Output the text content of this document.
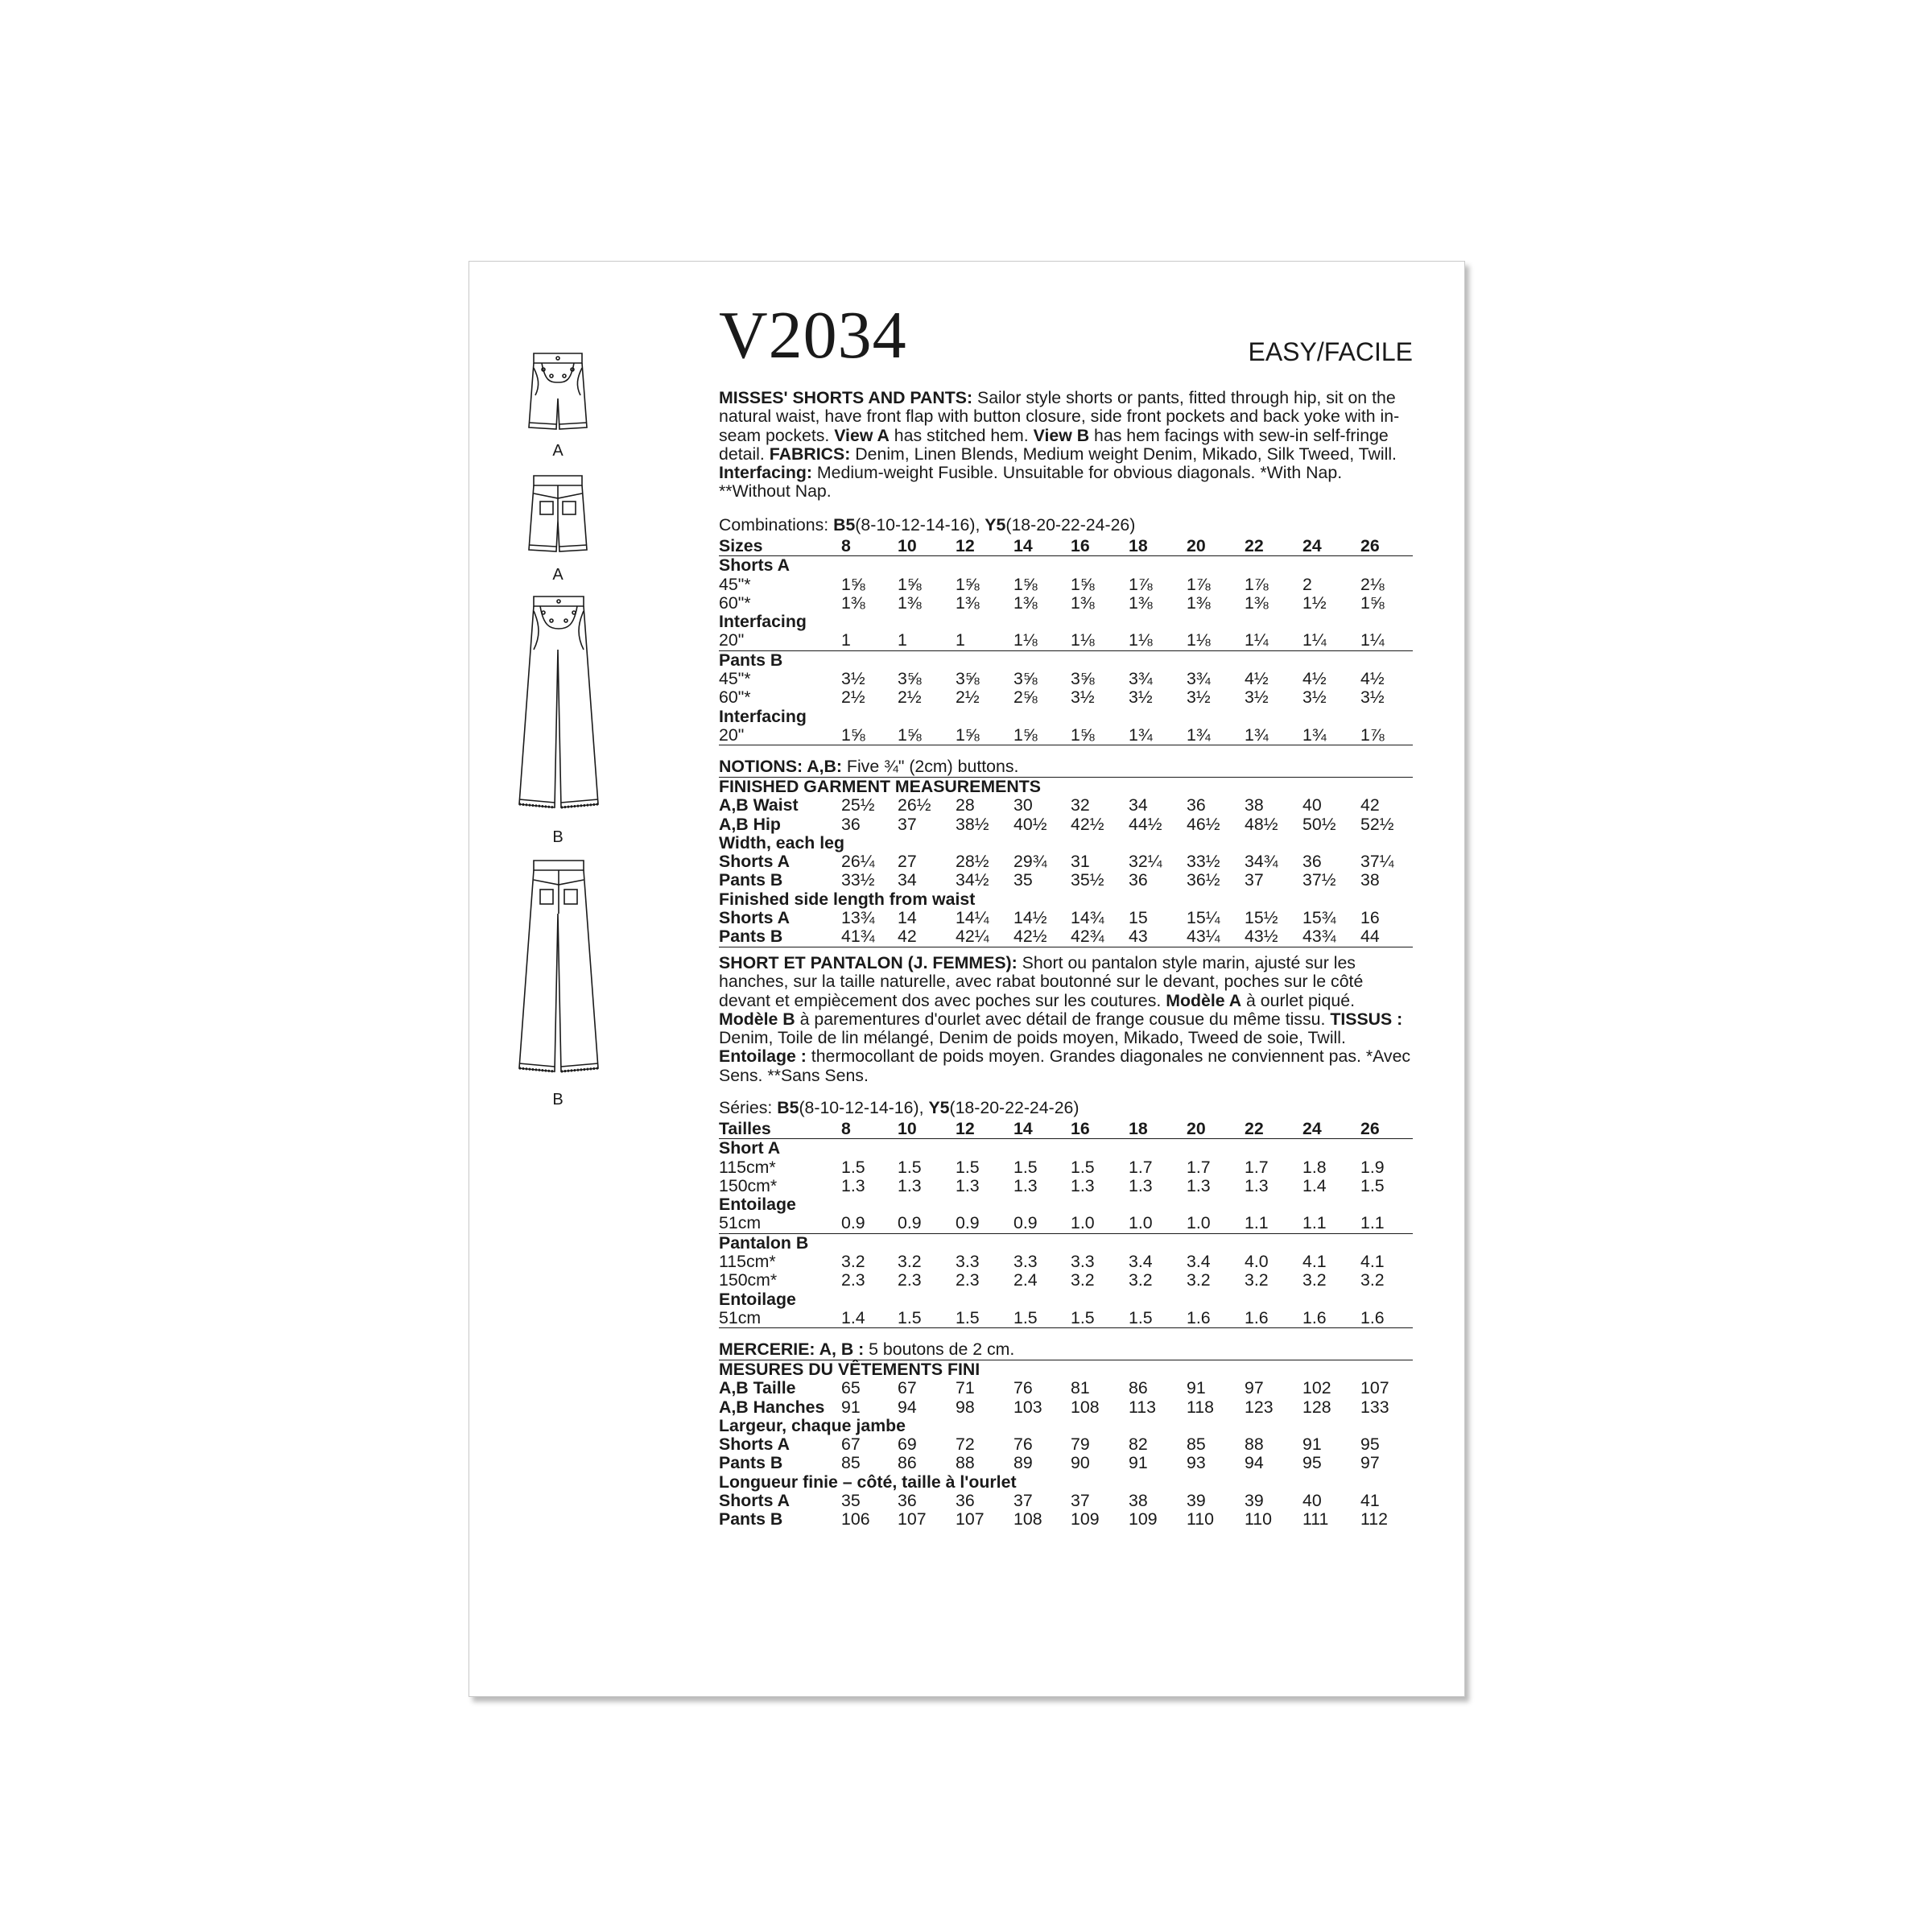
V2034	EASY/FACILE
A
A
B
B

MISSES' SHORTS AND PANTS: Sailor style shorts or pants, fitted through hip, sit on the natural waist, have front flap with button closure, side front pockets and back yoke with in-seam pockets. View A has stitched hem. View B has hem facings with sew-in self-fringe detail. FABRICS: Denim, Linen Blends, Medium weight Denim, Mikado, Silk Tweed, Twill. Interfacing: Medium-weight Fusible. Unsuitable for obvious diagonals. *With Nap. **Without Nap.

Combinations: B5(8-10-12-14-16), Y5(18-20-22-24-26)
Sizes	8	10 12 14 16 18 20 22 24 26
Shorts A
45"*	1⅝ 1⅝ 1⅝ 1⅝ 1⅝ 1⅞ 1⅞ 1⅞ 2	2⅛
60"*	1⅜ 1⅜ 1⅜ 1⅜ 1⅜ 1⅜ 1⅜ 1⅜ 1½ 1⅝
Interfacing
20"	1	1	1	1⅛ 1⅛ 1⅛ 1⅛ 1¼ 1¼ 1¼
Pants B
45"*	3½ 3⅝ 3⅝ 3⅝ 3⅝ 3¾ 3¾ 4½ 4½ 4½
60"*	2½ 2½ 2½ 2⅝ 3½ 3½ 3½ 3½ 3½ 3½
Interfacing
20"	1⅝ 1⅝ 1⅝ 1⅝ 1⅝ 1¾ 1¾ 1¾ 1¾ 1⅞
NOTIONS: A,B: Five ¾" (2cm) buttons.
FINISHED GARMENT MEASUREMENTS
A,B Waist	25½ 26½ 28 30 32 34 36 38 40 42
A,B Hip	36 37 38½ 40½ 42½ 44½ 46½ 48½ 50½ 52½
Width, each leg
Shorts A	26¼ 27 28½ 29¾ 31 32¼ 33½ 34¾ 36 37¼
Pants B	33½ 34 34½ 35 35½ 36 36½ 37 37½ 38
Finished side length from waist
Shorts A	13¾ 14 14¼ 14½ 14¾ 15 15¼ 15½ 15¾ 16
Pants B	41¾ 42 42¼ 42½ 42¾ 43 43¼ 43½ 43¾ 44

SHORT ET PANTALON (J. FEMMES): Short ou pantalon style marin, ajusté sur les hanches, sur la taille naturelle, avec rabat boutonné sur le devant, poches sur le côté devant et empiècement dos avec poches sur les coutures. Modèle A à ourlet piqué. Modèle B à parementures d'ourlet avec détail de frange cousue du même tissu. TISSUS : Denim, Toile de lin mélangé, Denim de poids moyen, Mikado, Tweed de soie, Twill. Entoilage : thermocollant de poids moyen. Grandes diagonales ne conviennent pas. *Avec Sens. **Sans Sens.

Séries: B5(8-10-12-14-16), Y5(18-20-22-24-26)
Tailles	8	10 12 14 16 18 20 22 24 26
Short A
115cm*	1.5 1.5 1.5 1.5 1.5 1.7 1.7 1.7 1.8 1.9
150cm*	1.3 1.3 1.3 1.3 1.3 1.3 1.3 1.3 1.4 1.5
Entoilage
51cm	0.9 0.9 0.9 0.9 1.0 1.0 1.0 1.1 1.1 1.1
Pantalon B
115cm*	3.2 3.2 3.3 3.3 3.3 3.4 3.4 4.0 4.1 4.1
150cm*	2.3 2.3 2.3 2.4 3.2 3.2 3.2 3.2 3.2 3.2
Entoilage
51cm	1.4 1.5 1.5 1.5 1.5 1.5 1.6 1.6 1.6 1.6
MERCERIE: A, B : 5 boutons de 2 cm.
MESURES DU VÊTEMENTS FINI
A,B Taille	65 67 71 76 81 86 91 97 102 107
A,B Hanches 91 94 98 103 108 113 118 123 128 133
Largeur, chaque jambe
Shorts A	67 69 72 76 79 82 85 88 91 95
Pants B	85 86 88 89 90 91 93 94 95 97
Longueur finie – côté, taille à l'ourlet
Shorts A	35 36 36 37 37 38 39 39 40 41
Pants B	106 107 107 108 109 109 110 110 111 112
